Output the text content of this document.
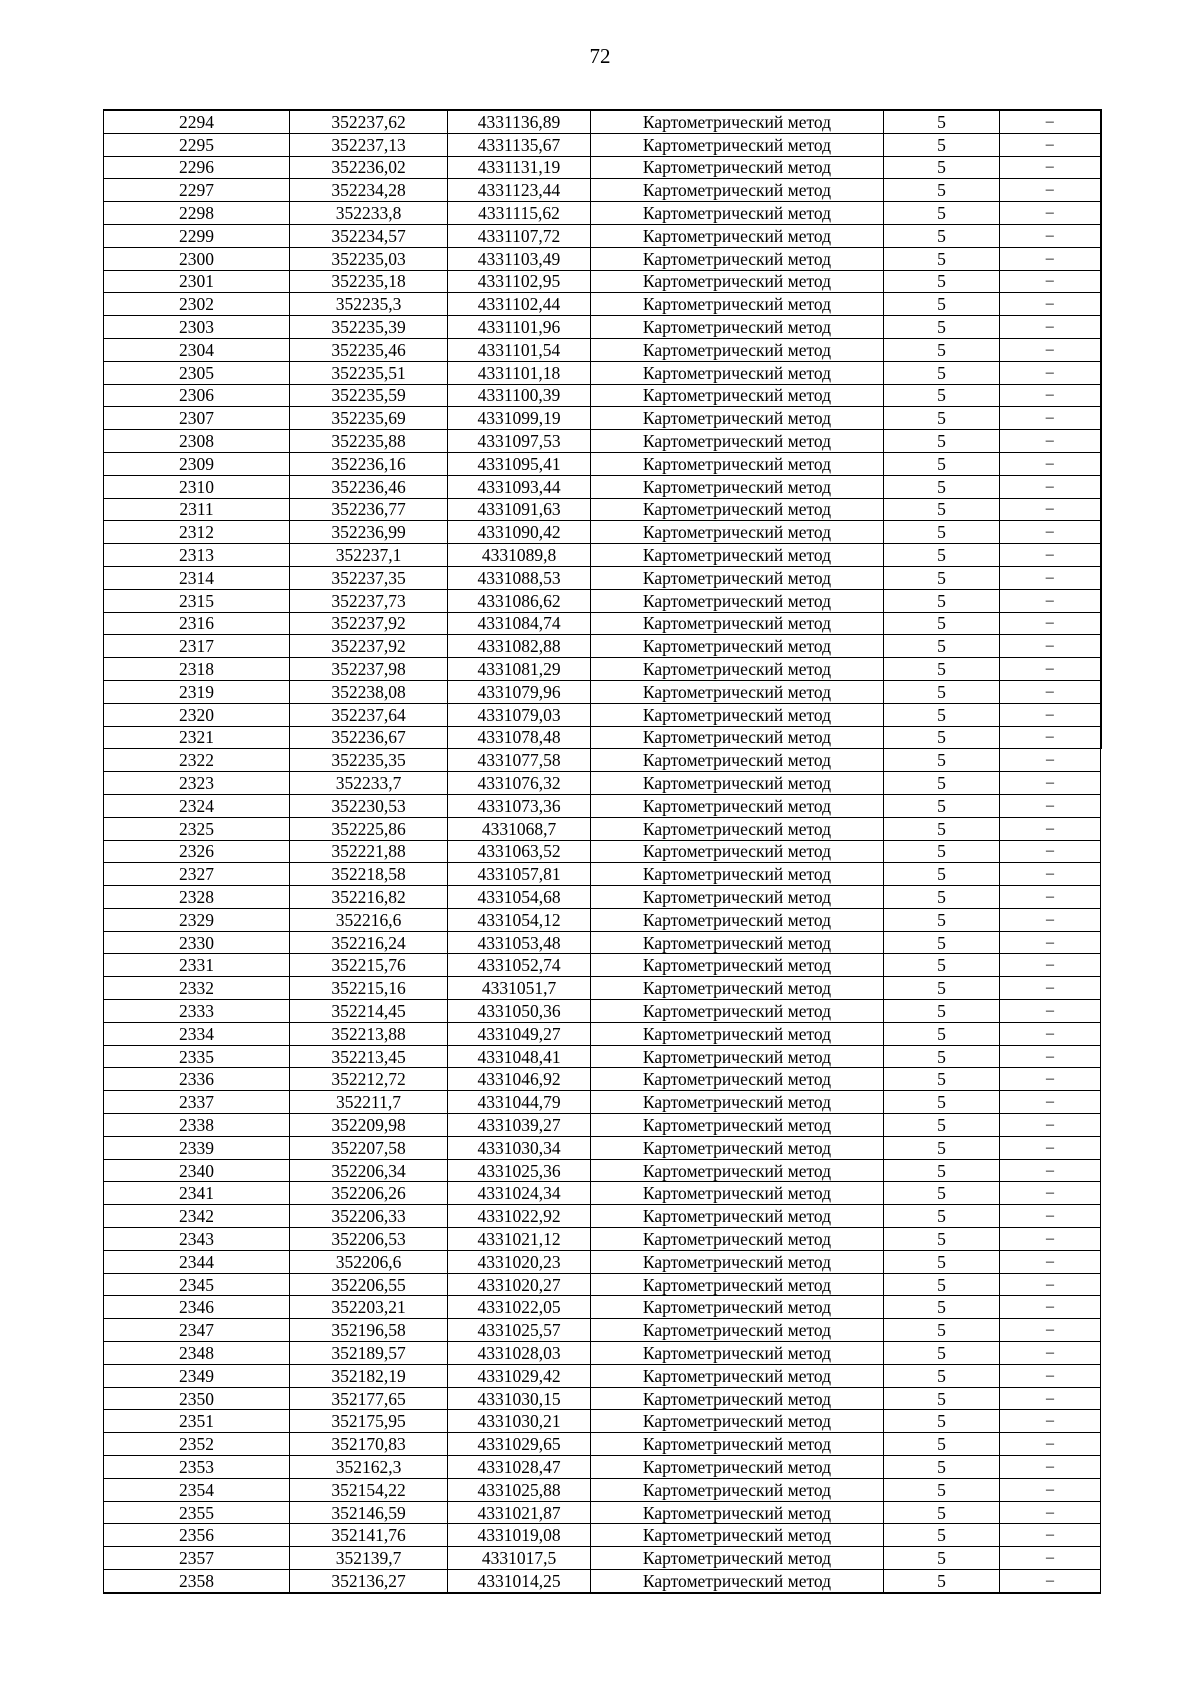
72
2294	352237,62	4331136,89	Картометрический метод	5	–
2295	352237,13	4331135,67	Картометрический метод	5	–
2296	352236,02	4331131,19	Картометрический метод	5	–
2297	352234,28	4331123,44	Картометрический метод	5	–
2298	352233,8	4331115,62	Картометрический метод	5	–
2299	352234,57	4331107,72	Картометрический метод	5	–
2300	352235,03	4331103,49	Картометрический метод	5	–
2301	352235,18	4331102,95	Картометрический метод	5	–
2302	352235,3	4331102,44	Картометрический метод	5	–
2303	352235,39	4331101,96	Картометрический метод	5	–
2304	352235,46	4331101,54	Картометрический метод	5	–
2305	352235,51	4331101,18	Картометрический метод	5	–
2306	352235,59	4331100,39	Картометрический метод	5	–
2307	352235,69	4331099,19	Картометрический метод	5	–
2308	352235,88	4331097,53	Картометрический метод	5	–
2309	352236,16	4331095,41	Картометрический метод	5	–
2310	352236,46	4331093,44	Картометрический метод	5	–
2311	352236,77	4331091,63	Картометрический метод	5	–
2312	352236,99	4331090,42	Картометрический метод	5	–
2313	352237,1	4331089,8	Картометрический метод	5	–
2314	352237,35	4331088,53	Картометрический метод	5	–
2315	352237,73	4331086,62	Картометрический метод	5	–
2316	352237,92	4331084,74	Картометрический метод	5	–
2317	352237,92	4331082,88	Картометрический метод	5	–
2318	352237,98	4331081,29	Картометрический метод	5	–
2319	352238,08	4331079,96	Картометрический метод	5	–
2320	352237,64	4331079,03	Картометрический метод	5	–
2321	352236,67	4331078,48	Картометрический метод	5	–
2322	352235,35	4331077,58	Картометрический метод	5	–
2323	352233,7	4331076,32	Картометрический метод	5	–
2324	352230,53	4331073,36	Картометрический метод	5	–
2325	352225,86	4331068,7	Картометрический метод	5	–
2326	352221,88	4331063,52	Картометрический метод	5	–
2327	352218,58	4331057,81	Картометрический метод	5	–
2328	352216,82	4331054,68	Картометрический метод	5	–
2329	352216,6	4331054,12	Картометрический метод	5	–
2330	352216,24	4331053,48	Картометрический метод	5	–
2331	352215,76	4331052,74	Картометрический метод	5	–
2332	352215,16	4331051,7	Картометрический метод	5	–
2333	352214,45	4331050,36	Картометрический метод	5	–
2334	352213,88	4331049,27	Картометрический метод	5	–
2335	352213,45	4331048,41	Картометрический метод	5	–
2336	352212,72	4331046,92	Картометрический метод	5	–
2337	352211,7	4331044,79	Картометрический метод	5	–
2338	352209,98	4331039,27	Картометрический метод	5	–
2339	352207,58	4331030,34	Картометрический метод	5	–
2340	352206,34	4331025,36	Картометрический метод	5	–
2341	352206,26	4331024,34	Картометрический метод	5	–
2342	352206,33	4331022,92	Картометрический метод	5	–
2343	352206,53	4331021,12	Картометрический метод	5	–
2344	352206,6	4331020,23	Картометрический метод	5	–
2345	352206,55	4331020,27	Картометрический метод	5	–
2346	352203,21	4331022,05	Картометрический метод	5	–
2347	352196,58	4331025,57	Картометрический метод	5	–
2348	352189,57	4331028,03	Картометрический метод	5	–
2349	352182,19	4331029,42	Картометрический метод	5	–
2350	352177,65	4331030,15	Картометрический метод	5	–
2351	352175,95	4331030,21	Картометрический метод	5	–
2352	352170,83	4331029,65	Картометрический метод	5	–
2353	352162,3	4331028,47	Картометрический метод	5	–
2354	352154,22	4331025,88	Картометрический метод	5	–
2355	352146,59	4331021,87	Картометрический метод	5	–
2356	352141,76	4331019,08	Картометрический метод	5	–
2357	352139,7	4331017,5	Картометрический метод	5	–
2358	352136,27	4331014,25	Картометрический метод	5	–
